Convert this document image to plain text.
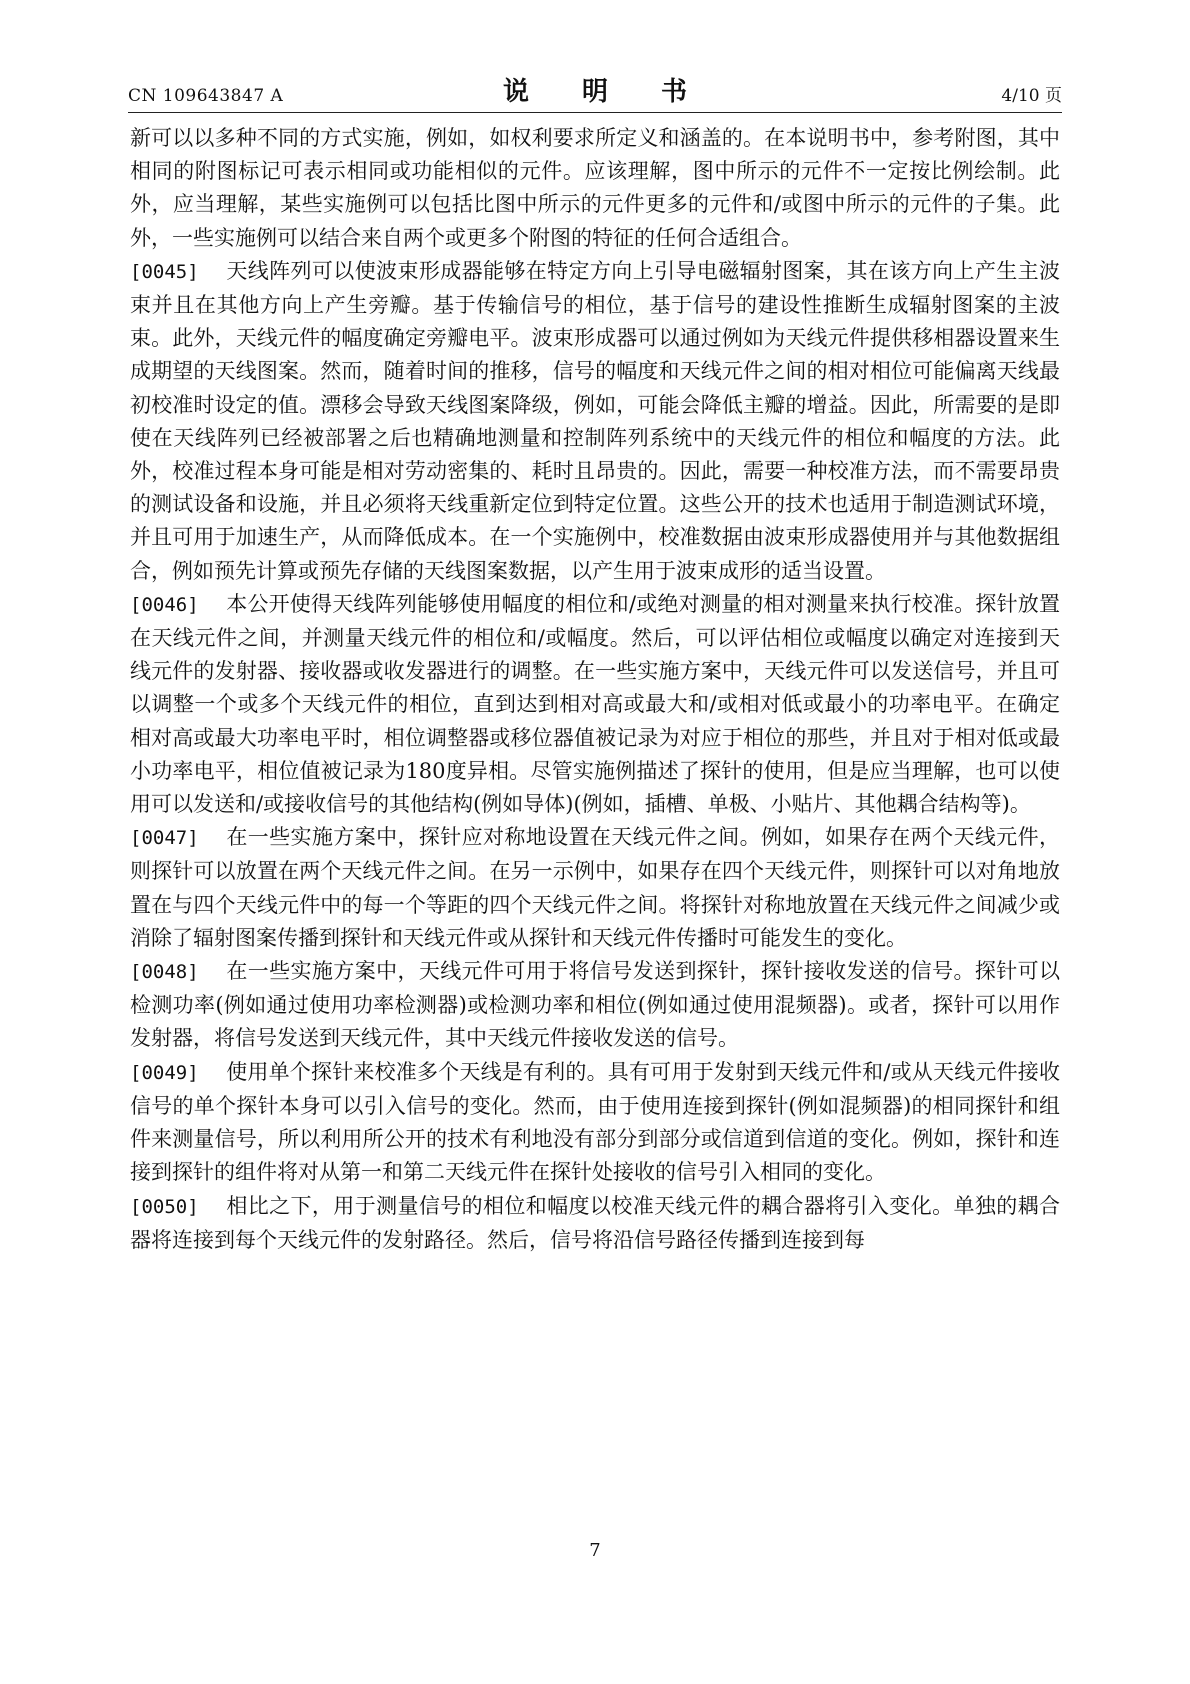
CN 109643847 A	说 明 书	4/10 页

新可以以多种不同的方式实施，例如，如权利要求所定义和涵盖的。在本说明书中，参考附图，其中相同的附图标记可表示相同或功能相似的元件。应该理解，图中所示的元件不一定按比例绘制。此外，应当理解，某些实施例可以包括比图中所示的元件更多的元件和/或图中所示的元件的子集。此外，一些实施例可以结合来自两个或更多个附图的特征的任何合适组合。

[0045] 天线阵列可以使波束形成器能够在特定方向上引导电磁辐射图案，其在该方向上产生主波束并且在其他方向上产生旁瓣。基于传输信号的相位，基于信号的建设性推断生成辐射图案的主波束。此外，天线元件的幅度确定旁瓣电平。波束形成器可以通过例如为天线元件提供移相器设置来生成期望的天线图案。然而，随着时间的推移，信号的幅度和天线元件之间的相对相位可能偏离天线最初校准时设定的值。漂移会导致天线图案降级，例如，可能会降低主瓣的增益。因此，所需要的是即使在天线阵列已经被部署之后也精确地测量和控制阵列系统中的天线元件的相位和幅度的方法。此外，校准过程本身可能是相对劳动密集的、耗时且昂贵的。因此，需要一种校准方法，而不需要昂贵的测试设备和设施，并且必须将天线重新定位到特定位置。这些公开的技术也适用于制造测试环境，并且可用于加速生产，从而降低成本。在一个实施例中，校准数据由波束形成器使用并与其他数据组合，例如预先计算或预先存储的天线图案数据，以产生用于波束成形的适当设置。

[0046] 本公开使得天线阵列能够使用幅度的相位和/或绝对测量的相对测量来执行校准。探针放置在天线元件之间，并测量天线元件的相位和/或幅度。然后，可以评估相位或幅度以确定对连接到天线元件的发射器、接收器或收发器进行的调整。在一些实施方案中，天线元件可以发送信号，并且可以调整一个或多个天线元件的相位，直到达到相对高或最大和/或相对低或最小的功率电平。在确定相对高或最大功率电平时，相位调整器或移位器值被记录为对应于相位的那些，并且对于相对低或最小功率电平，相位值被记录为180度异相。尽管实施例描述了探针的使用，但是应当理解，也可以使用可以发送和/或接收信号的其他结构(例如导体)(例如，插槽、单极、小贴片、其他耦合结构等)。

[0047] 在一些实施方案中，探针应对称地设置在天线元件之间。例如，如果存在两个天线元件，则探针可以放置在两个天线元件之间。在另一示例中，如果存在四个天线元件，则探针可以对角地放置在与四个天线元件中的每一个等距的四个天线元件之间。将探针对称地放置在天线元件之间减少或消除了辐射图案传播到探针和天线元件或从探针和天线元件传播时可能发生的变化。

[0048] 在一些实施方案中，天线元件可用于将信号发送到探针，探针接收发送的信号。探针可以检测功率(例如通过使用功率检测器)或检测功率和相位(例如通过使用混频器)。或者，探针可以用作发射器，将信号发送到天线元件，其中天线元件接收发送的信号。

[0049] 使用单个探针来校准多个天线是有利的。具有可用于发射到天线元件和/或从天线元件接收信号的单个探针本身可以引入信号的变化。然而，由于使用连接到探针(例如混频器)的相同探针和组件来测量信号，所以利用所公开的技术有利地没有部分到部分或信道到信道的变化。例如，探针和连接到探针的组件将对从第一和第二天线元件在探针处接收的信号引入相同的变化。

[0050] 相比之下，用于测量信号的相位和幅度以校准天线元件的耦合器将引入变化。单独的耦合器将连接到每个天线元件的发射路径。然后，信号将沿信号路径传播到连接到每

7
